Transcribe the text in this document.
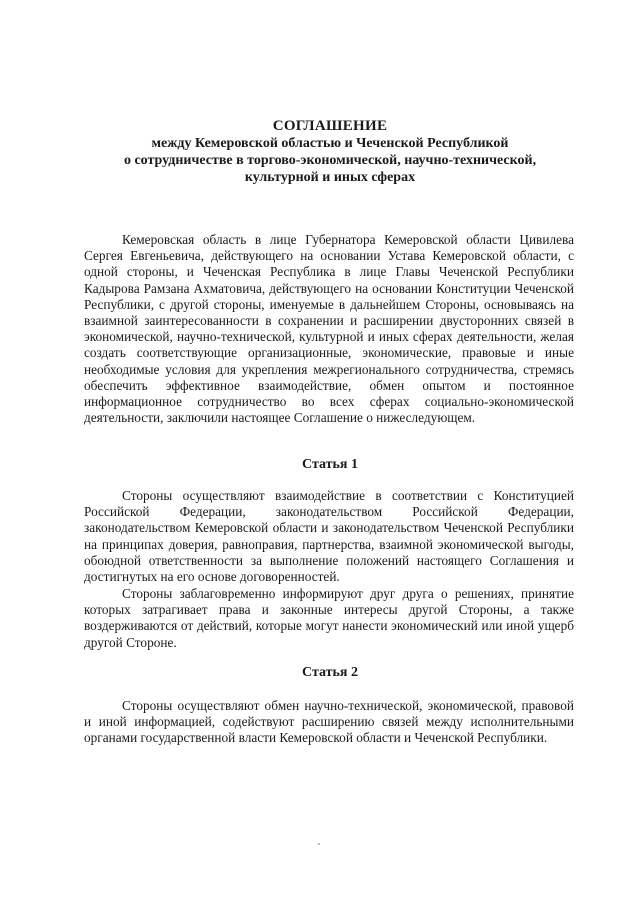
СОГЛАШЕНИЕ
между Кемеровской областью и Чеченской Республикой
о сотрудничестве в торгово-экономической, научно-технической,
культурной и иных сферах

Кемеровская область в лице Губернатора Кемеровской области Цивилева Сергея Евгеньевича, действующего на основании Устава Кемеровской области, с одной стороны, и Чеченская Республика в лице Главы Чеченской Республики Кадырова Рамзана Ахматовича, действующего на основании Конституции Чеченской Республики, с другой стороны, именуемые в дальнейшем Стороны, основываясь на взаимной заинтересованности в сохранении и расширении двусторонних связей в экономической, научно-технической, культурной и иных сферах деятельности, желая создать соответствующие организационные, экономические, правовые и иные необходимые условия для укрепления межрегионального сотрудничества, стремясь обеспечить эффективное взаимодействие, обмен опытом и постоянное информационное сотрудничество во всех сферах социально-экономической деятельности, заключили настоящее Соглашение о нижеследующем.

Статья 1

Стороны осуществляют взаимодействие в соответствии с Конституцией Российской Федерации, законодательством Российской Федерации, законодательством Кемеровской области и законодательством Чеченской Республики на принципах доверия, равноправия, партнерства, взаимной экономической выгоды, обоюдной ответственности за выполнение положений настоящего Соглашения и достигнутых на его основе договоренностей.

Стороны заблаговременно информируют друг друга о решениях, принятие которых затрагивает права и законные интересы другой Стороны, а также воздерживаются от действий, которые могут нанести экономический или иной ущерб другой Стороне.

Статья 2

Стороны осуществляют обмен научно-технической, экономической, правовой и иной информацией, содействуют расширению связей между исполнительными органами государственной власти Кемеровской области и Чеченской Республики.
